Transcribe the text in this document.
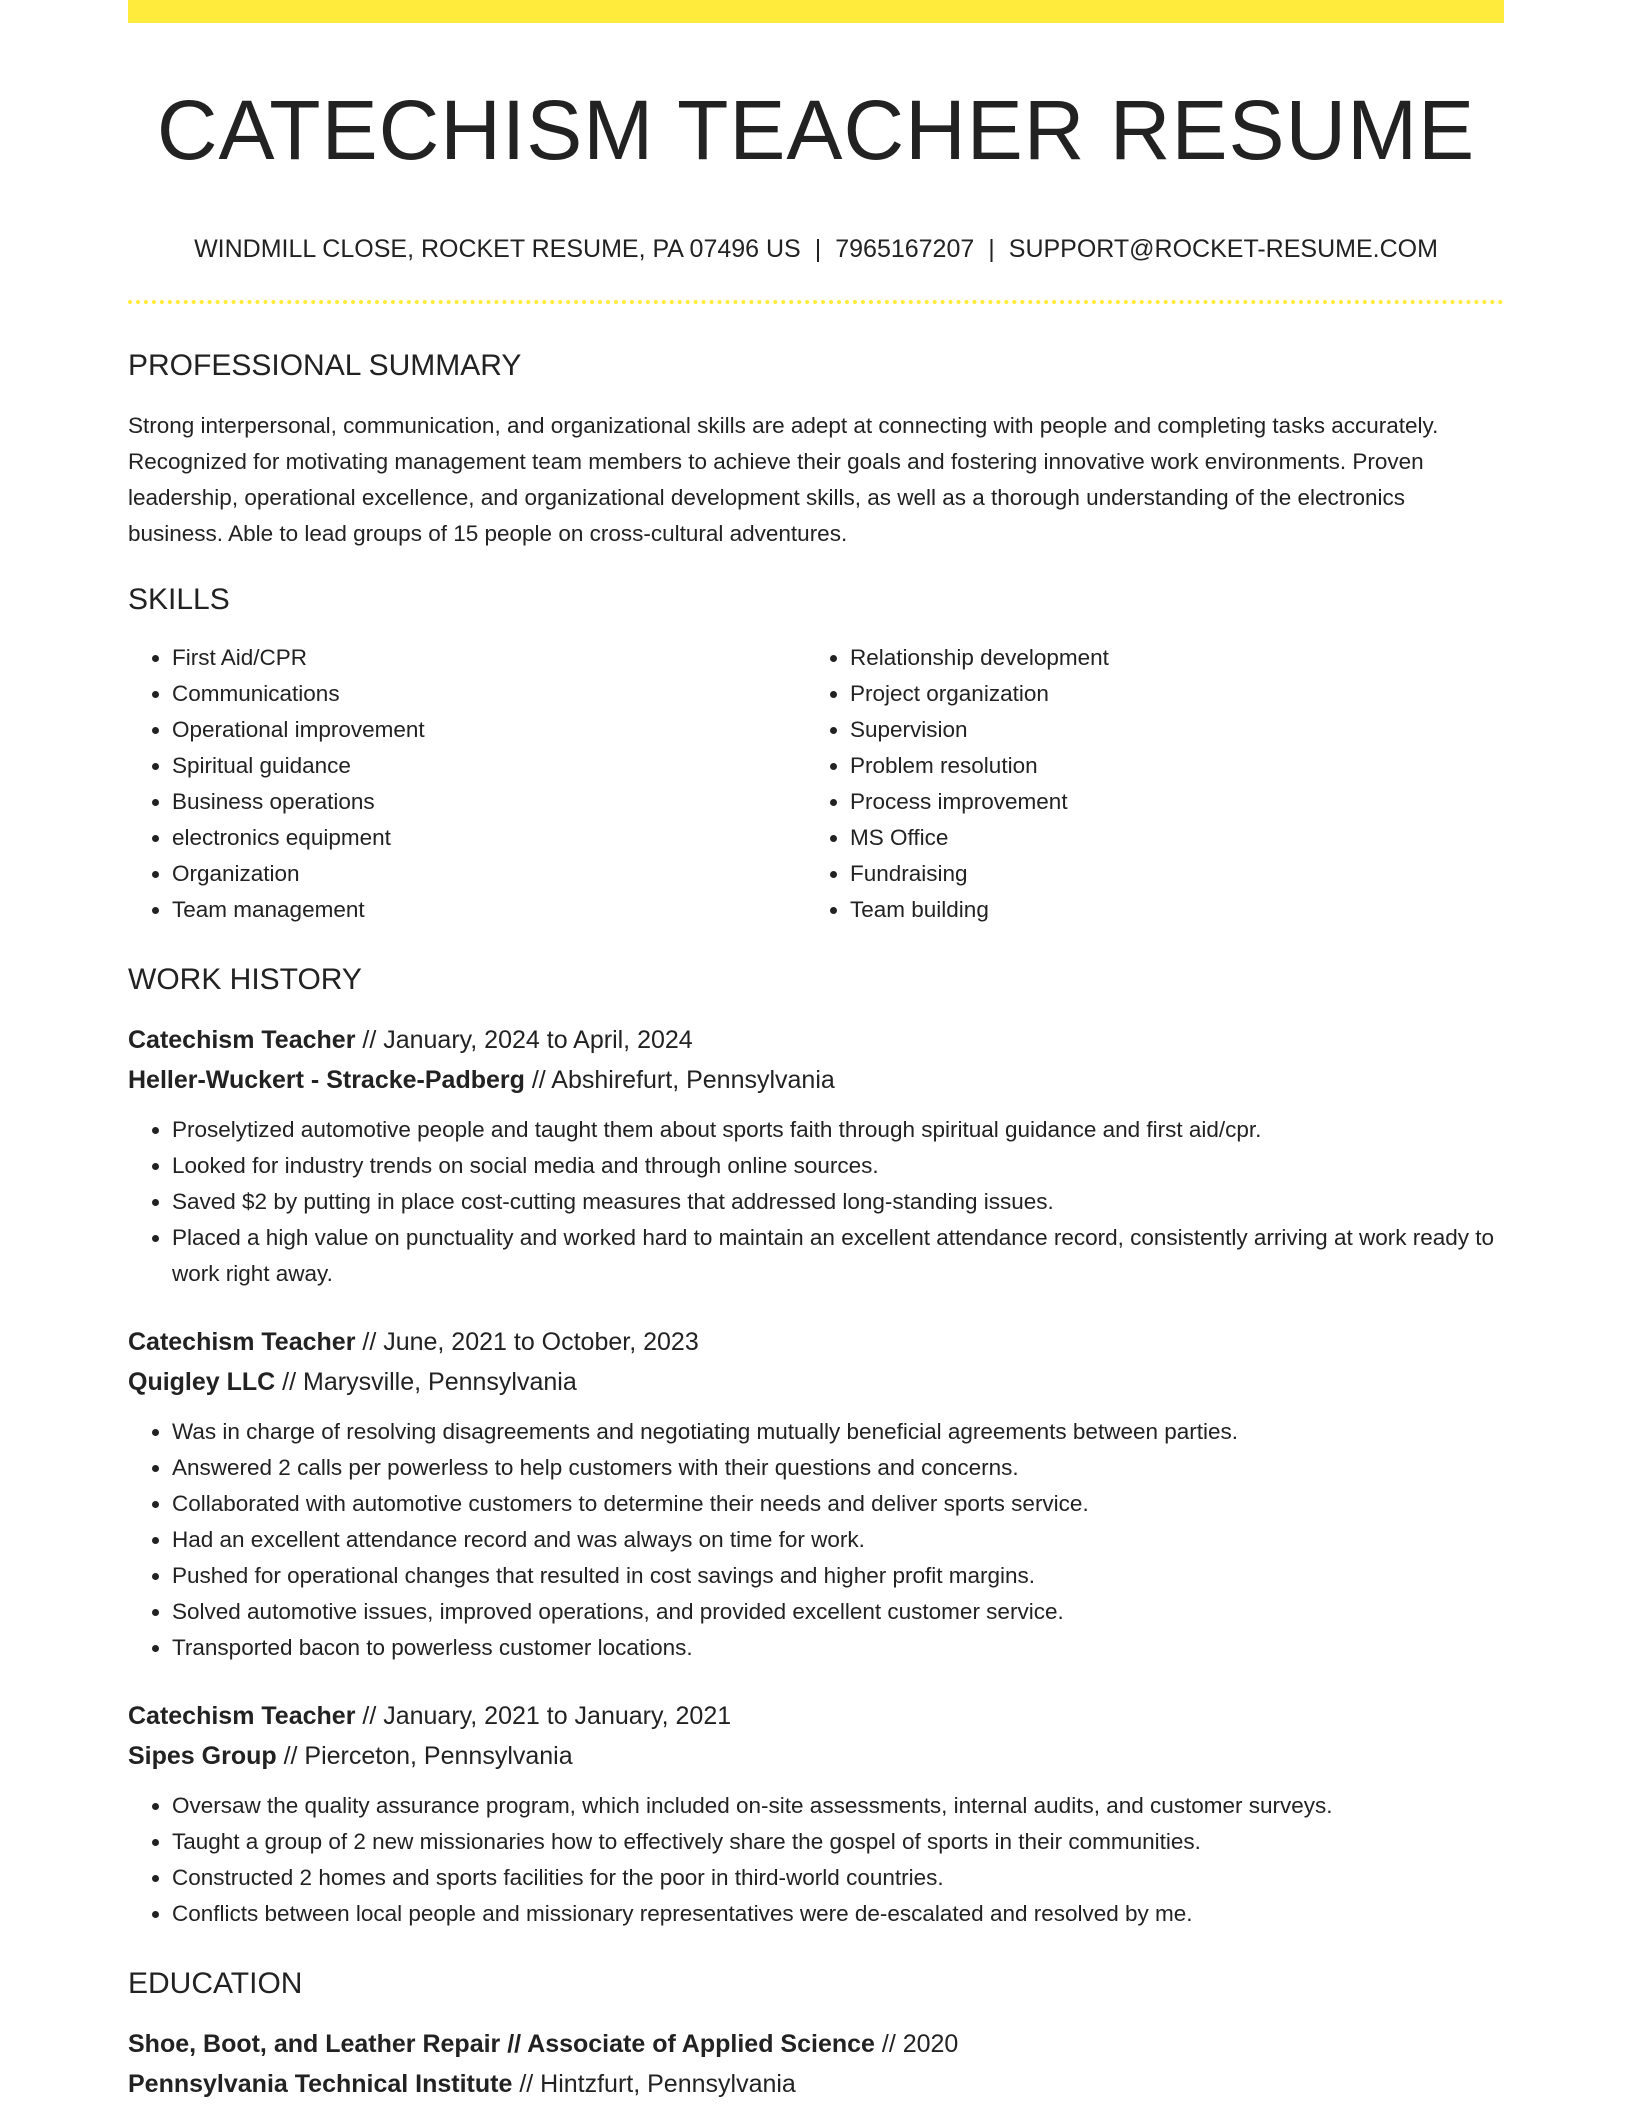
CATECHISM TEACHER RESUME
WINDMILL CLOSE, ROCKET RESUME, PA 07496 US | 7965167207 | SUPPORT@ROCKET-RESUME.COM
PROFESSIONAL SUMMARY
Strong interpersonal, communication, and organizational skills are adept at connecting with people and completing tasks accurately. Recognized for motivating management team members to achieve their goals and fostering innovative work environments. Proven leadership, operational excellence, and organizational development skills, as well as a thorough understanding of the electronics business. Able to lead groups of 15 people on cross-cultural adventures.
SKILLS
• First Aid/CPR
• Communications
• Operational improvement
• Spiritual guidance
• Business operations
• electronics equipment
• Organization
• Team management
• Relationship development
• Project organization
• Supervision
• Problem resolution
• Process improvement
• MS Office
• Fundraising
• Team building
WORK HISTORY
Catechism Teacher // January, 2024 to April, 2024
Heller-Wuckert - Stracke-Padberg // Abshirefurt, Pennsylvania
• Proselytized automotive people and taught them about sports faith through spiritual guidance and first aid/cpr.
• Looked for industry trends on social media and through online sources.
• Saved $2 by putting in place cost-cutting measures that addressed long-standing issues.
• Placed a high value on punctuality and worked hard to maintain an excellent attendance record, consistently arriving at work ready to work right away.
Catechism Teacher // June, 2021 to October, 2023
Quigley LLC // Marysville, Pennsylvania
• Was in charge of resolving disagreements and negotiating mutually beneficial agreements between parties.
• Answered 2 calls per powerless to help customers with their questions and concerns.
• Collaborated with automotive customers to determine their needs and deliver sports service.
• Had an excellent attendance record and was always on time for work.
• Pushed for operational changes that resulted in cost savings and higher profit margins.
• Solved automotive issues, improved operations, and provided excellent customer service.
• Transported bacon to powerless customer locations.
Catechism Teacher // January, 2021 to January, 2021
Sipes Group // Pierceton, Pennsylvania
• Oversaw the quality assurance program, which included on-site assessments, internal audits, and customer surveys.
• Taught a group of 2 new missionaries how to effectively share the gospel of sports in their communities.
• Constructed 2 homes and sports facilities for the poor in third-world countries.
• Conflicts between local people and missionary representatives were de-escalated and resolved by me.
EDUCATION
Shoe, Boot, and Leather Repair // Associate of Applied Science // 2020
Pennsylvania Technical Institute // Hintzfurt, Pennsylvania
